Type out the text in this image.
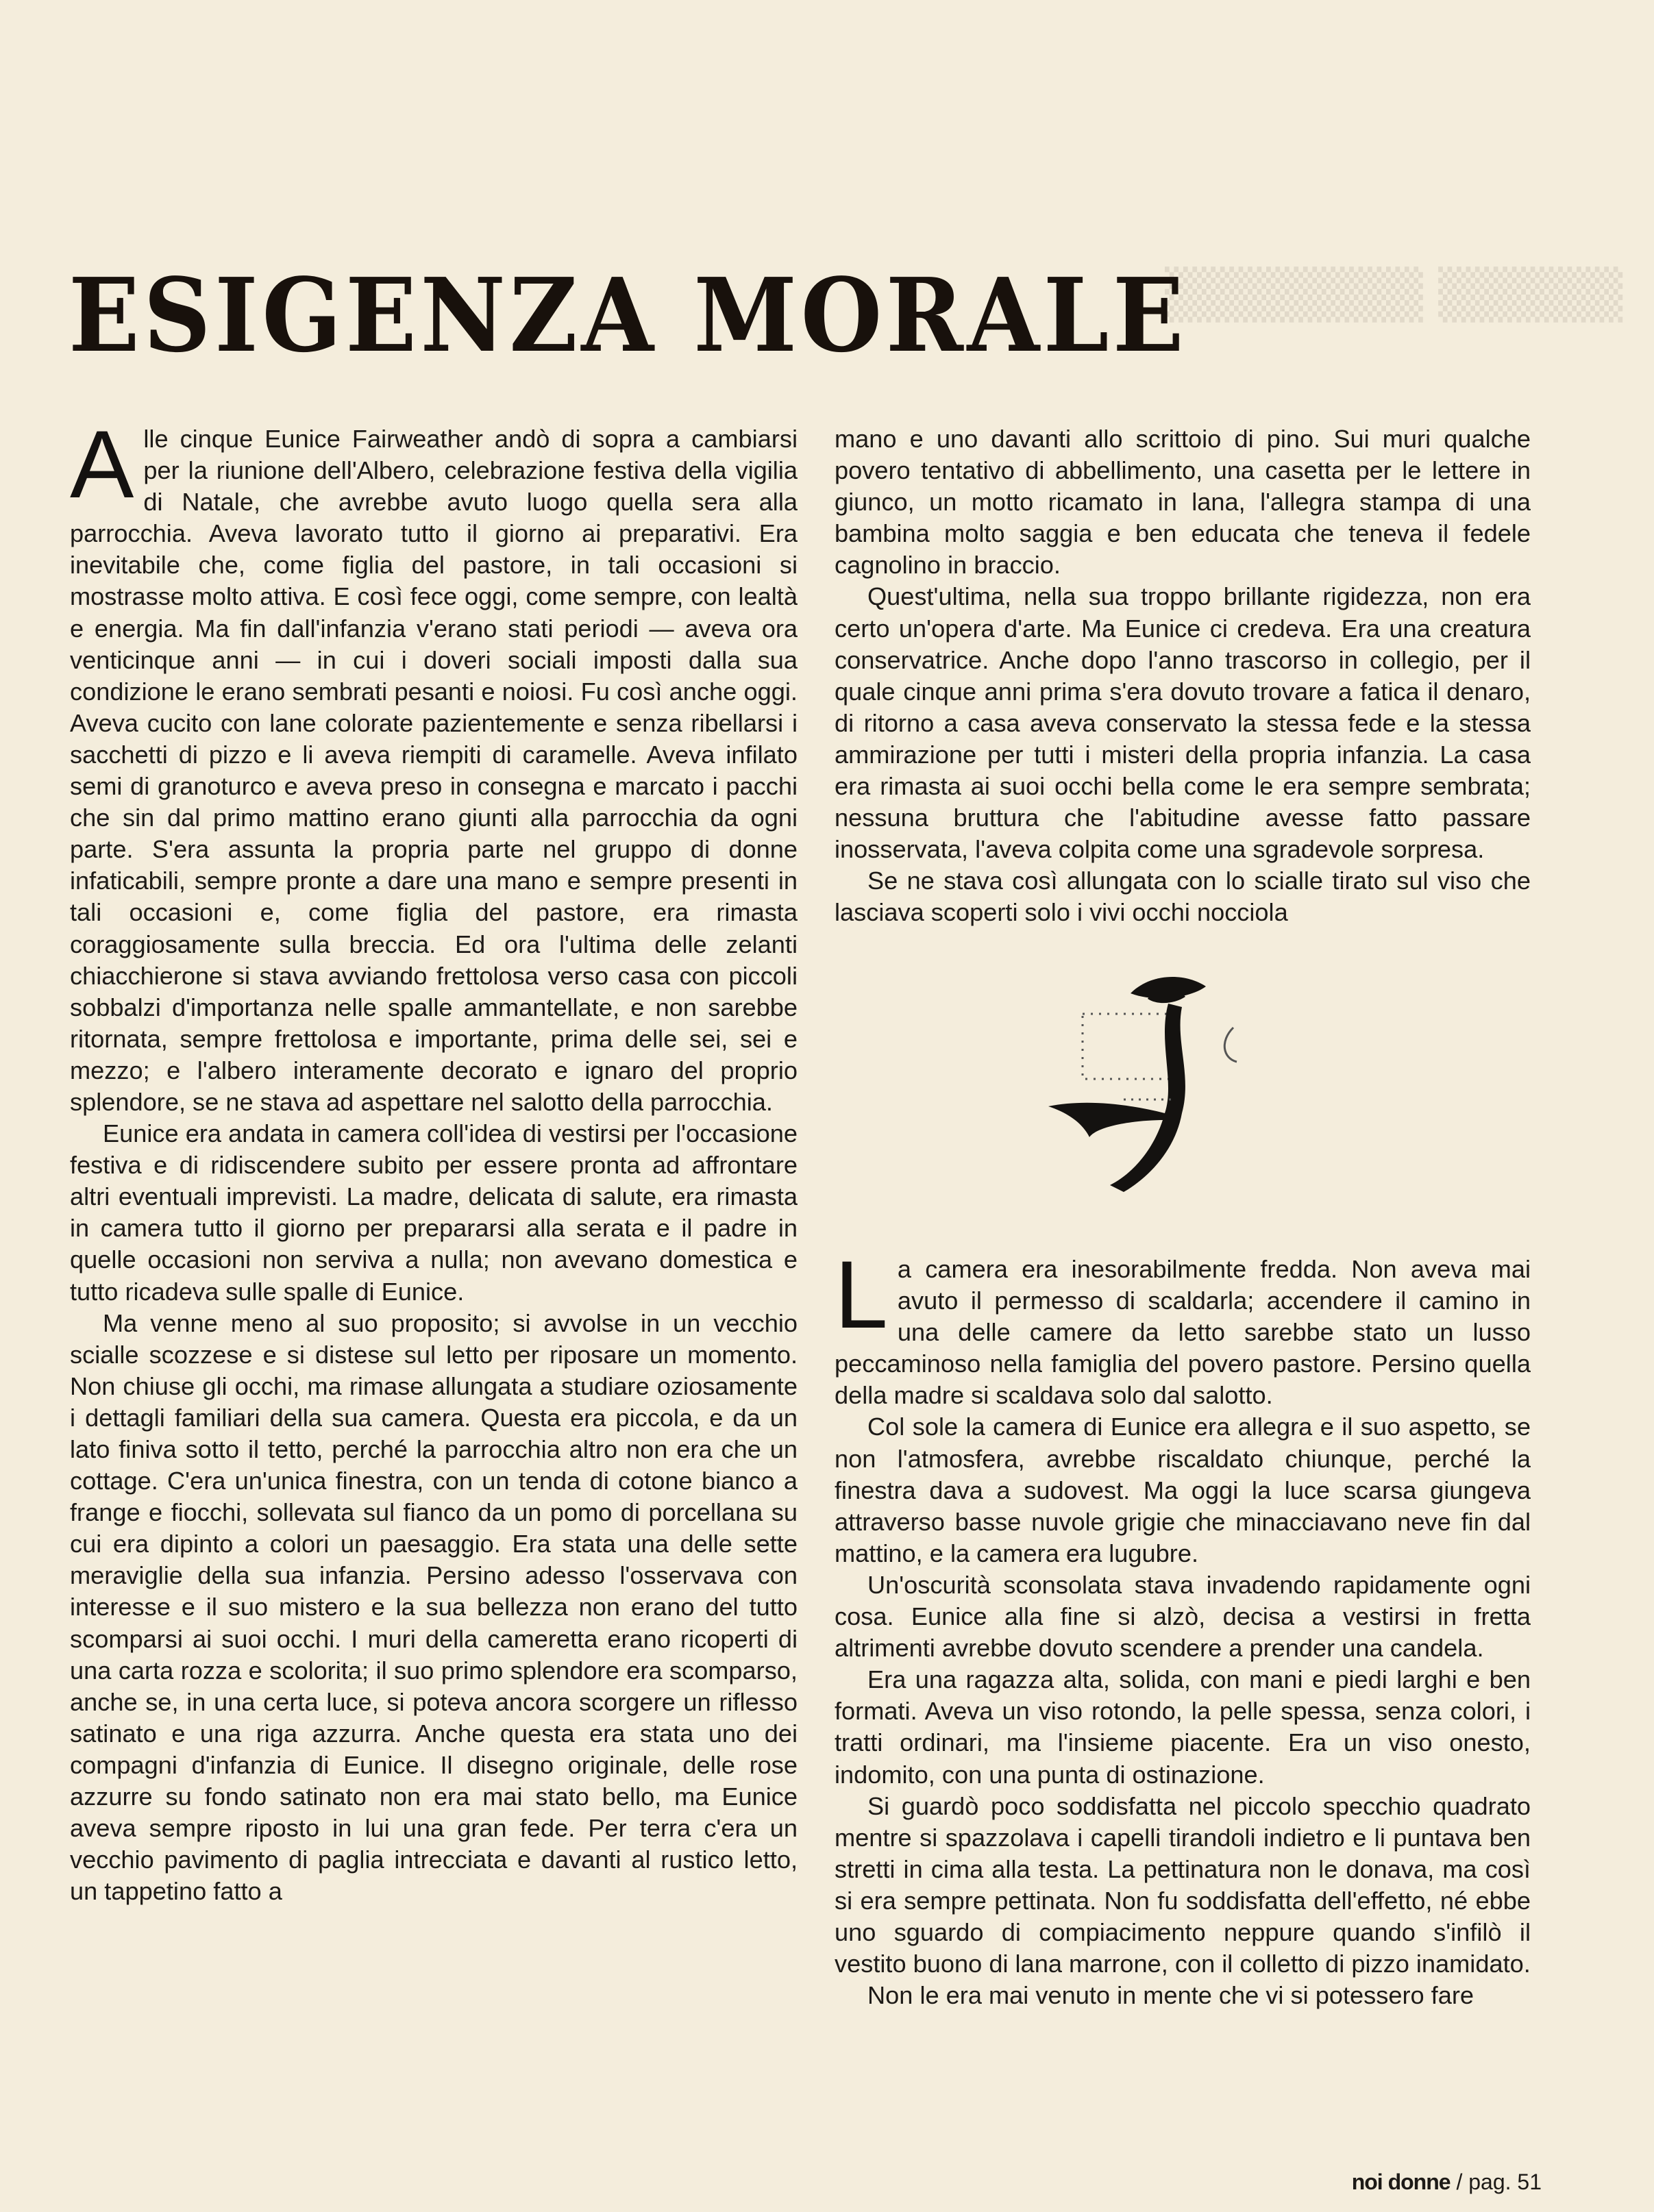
▒▒▒▒▒▒▒ ▒▒▒▒▒
ESIGENZA MORALE

Alle cinque Eunice Fairweather andò di sopra a cambiarsi per la riunione dell'Albero, celebrazione festiva della vigilia di Natale, che avrebbe avuto luogo quella sera alla parrocchia. Aveva lavorato tutto il giorno ai preparativi. Era inevitabile che, come figlia del pastore, in tali occasioni si mostrasse molto attiva. E così fece oggi, come sempre, con lealtà e energia. Ma fin dall'infanzia v'erano stati periodi — aveva ora venticinque anni — in cui i doveri sociali imposti dalla sua condizione le erano sembrati pesanti e noiosi. Fu così anche oggi. Aveva cucito con lane colorate pazientemente e senza ribellarsi i sacchetti di pizzo e li aveva riempiti di caramelle. Aveva infilato semi di granoturco e aveva preso in consegna e marcato i pacchi che sin dal primo mattino erano giunti alla parrocchia da ogni parte. S'era assunta la propria parte nel gruppo di donne infaticabili, sempre pronte a dare una mano e sempre presenti in tali occasioni e, come figlia del pastore, era rimasta coraggiosamente sulla breccia. Ed ora l'ultima delle zelanti chiacchierone si stava avviando frettolosa verso casa con piccoli sobbalzi d'importanza nelle spalle ammantellate, e non sarebbe ritornata, sempre frettolosa e importante, prima delle sei, sei e mezzo; e l'albero interamente decorato e ignaro del proprio splendore, se ne stava ad aspettare nel salotto della parrocchia.

Eunice era andata in camera coll'idea di vestirsi per l'occasione festiva e di ridiscendere subito per essere pronta ad affrontare altri eventuali imprevisti. La madre, delicata di salute, era rimasta in camera tutto il giorno per prepararsi alla serata e il padre in quelle occasioni non serviva a nulla; non avevano domestica e tutto ricadeva sulle spalle di Eunice.

Ma venne meno al suo proposito; si avvolse in un vecchio scialle scozzese e si distese sul letto per riposare un momento. Non chiuse gli occhi, ma rimase allungata a studiare oziosamente i dettagli familiari della sua camera. Questa era piccola, e da un lato finiva sotto il tetto, perché la parrocchia altro non era che un cottage. C'era un'unica finestra, con un tenda di cotone bianco a frange e fiocchi, sollevata sul fianco da un pomo di porcellana su cui era dipinto a colori un paesaggio. Era stata una delle sette meraviglie della sua infanzia. Persino adesso l'osservava con interesse e il suo mistero e la sua bellezza non erano del tutto scomparsi ai suoi occhi. I muri della cameretta erano ricoperti di una carta rozza e scolorita; il suo primo splendore era scomparso, anche se, in una certa luce, si poteva ancora scorgere un riflesso satinato e una riga azzurra. Anche questa era stata uno dei compagni d'infanzia di Eunice. Il disegno originale, delle rose azzurre su fondo satinato non era mai stato bello, ma Eunice aveva sempre riposto in lui una gran fede. Per terra c'era un vecchio pavimento di paglia intrecciata e davanti al rustico letto, un tappetino fatto a

mano e uno davanti allo scrittoio di pino. Sui muri qualche povero tentativo di abbellimento, una casetta per le lettere in giunco, un motto ricamato in lana, l'allegra stampa di una bambina molto saggia e ben educata che teneva il fedele cagnolino in braccio.

Quest'ultima, nella sua troppo brillante rigidezza, non era certo un'opera d'arte. Ma Eunice ci credeva. Era una creatura conservatrice. Anche dopo l'anno trascorso in collegio, per il quale cinque anni prima s'era dovuto trovare a fatica il denaro, di ritorno a casa aveva conservato la stessa fede e la stessa ammirazione per tutti i misteri della propria infanzia. La casa era rimasta ai suoi occhi bella come le era sempre sembrata; nessuna bruttura che l'abitudine avesse fatto passare inosservata, l'aveva colpita come una sgradevole sorpresa.

Se ne stava così allungata con lo scialle tirato sul viso che lasciava scoperti solo i vivi occhi nocciola

La camera era inesorabilmente fredda. Non aveva mai avuto il permesso di scaldarla; accendere il camino in una delle camere da letto sarebbe stato un lusso peccaminoso nella famiglia del povero pastore. Persino quella della madre si scaldava solo dal salotto.

Col sole la camera di Eunice era allegra e il suo aspetto, se non l'atmosfera, avrebbe riscaldato chiunque, perché la finestra dava a sudovest. Ma oggi la luce scarsa giungeva attraverso basse nuvole grigie che minacciavano neve fin dal mattino, e la camera era lugubre.

Un'oscurità sconsolata stava invadendo rapidamente ogni cosa. Eunice alla fine si alzò, decisa a vestirsi in fretta altrimenti avrebbe dovuto scendere a prender una candela.

Era una ragazza alta, solida, con mani e piedi larghi e ben formati. Aveva un viso rotondo, la pelle spessa, senza colori, i tratti ordinari, ma l'insieme piacente. Era un viso onesto, indomito, con una punta di ostinazione.

Si guardò poco soddisfatta nel piccolo specchio quadrato mentre si spazzolava i capelli tirandoli indietro e li puntava ben stretti in cima alla testa. La pettinatura non le donava, ma così si era sempre pettinata. Non fu soddisfatta dell'effetto, né ebbe uno sguardo di compiacimento neppure quando s'infilò il vestito buono di lana marrone, con il colletto di pizzo inamidato.

Non le era mai venuto in mente che vi si potessero fare

noi donne / pag. 51
